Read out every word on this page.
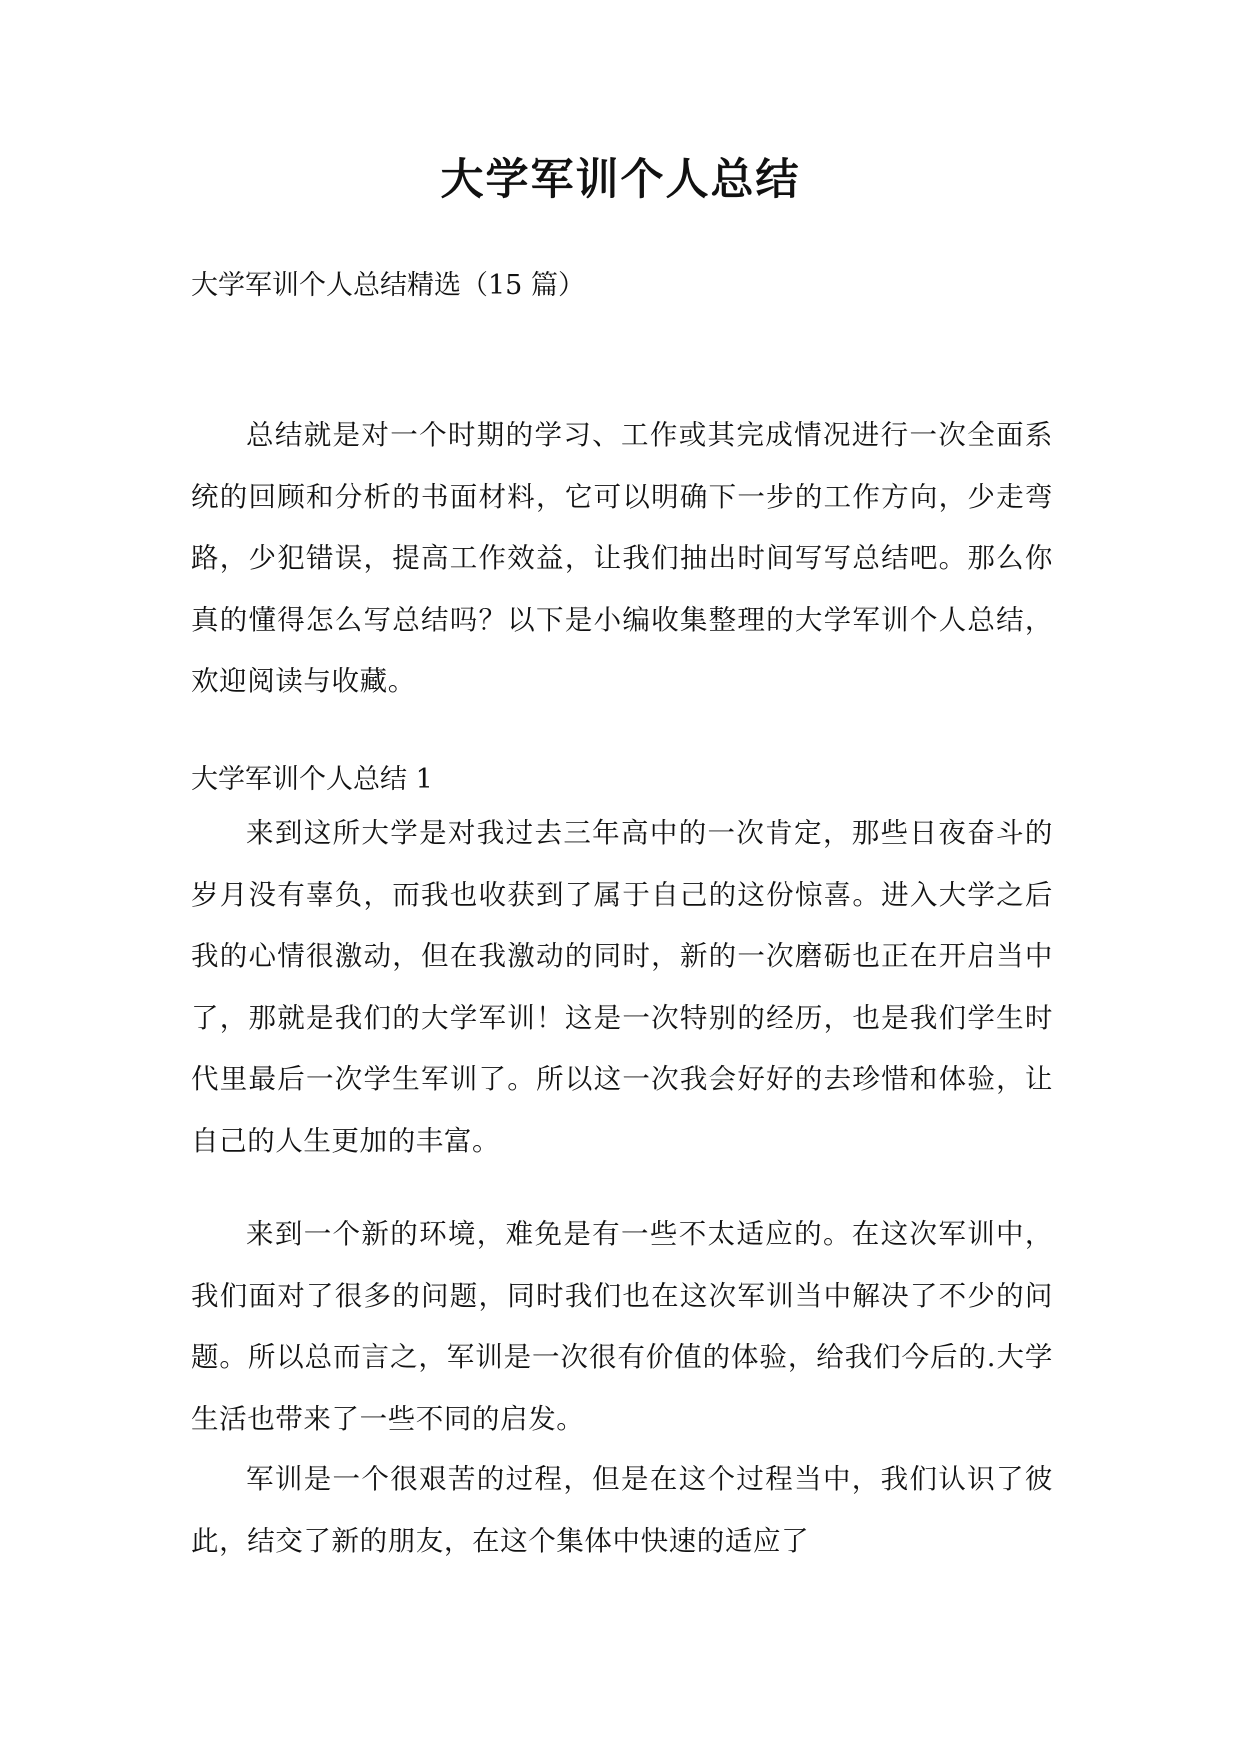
大学军训个人总结
大学军训个人总结精选（15 篇）

总结就是对一个时期的学习、工作或其完成情况进行一次全面系统的回顾和分析的书面材料，它可以明确下一步的工作方向，少走弯路，少犯错误，提高工作效益，让我们抽出时间写写总结吧。那么你真的懂得怎么写总结吗？以下是小编收集整理的大学军训个人总结，欢迎阅读与收藏。

大学军训个人总结 1

来到这所大学是对我过去三年高中的一次肯定，那些日夜奋斗的岁月没有辜负，而我也收获到了属于自己的这份惊喜。进入大学之后我的心情很激动，但在我激动的同时，新的一次磨砺也正在开启当中了，那就是我们的大学军训！这是一次特别的经历，也是我们学生时代里最后一次学生军训了。所以这一次我会好好的去珍惜和体验，让自己的人生更加的丰富。

来到一个新的环境，难免是有一些不太适应的。在这次军训中，我们面对了很多的问题，同时我们也在这次军训当中解决了不少的问题。所以总而言之，军训是一次很有价值的体验，给我们今后的.大学生活也带来了一些不同的启发。

军训是一个很艰苦的过程，但是在这个过程当中，我们认识了彼此，结交了新的朋友，在这个集体中快速的适应了
